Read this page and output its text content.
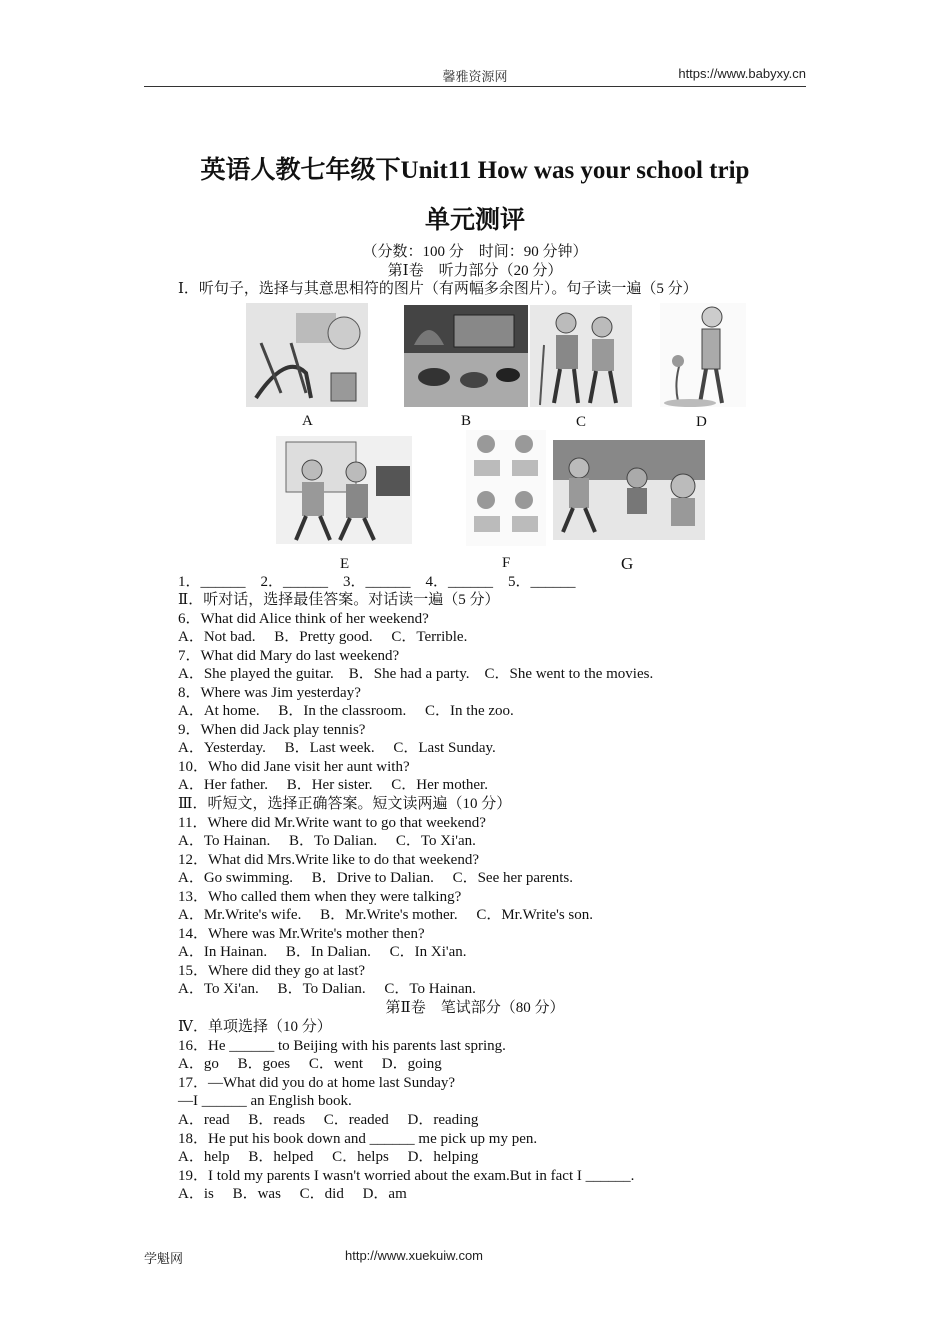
馨雅资源网	https://www.babyxy.cn
英语人教七年级下Unit11 How was your school trip
单元测评
（分数：100 分　时间：90 分钟）
第Ⅰ卷　听力部分（20 分）
Ⅰ．听句子，选择与其意思相符的图片（有两幅多余图片）。句子读一遍（5 分）
A	B	C	D
E	F	G
1．______　2．______　3．______　4．______　5．______
Ⅱ．听对话，选择最佳答案。对话读一遍（5 分）
6．What did Alice think of her weekend?
A．Not bad.　 B．Pretty good.　 C．Terrible.
7．What did Mary do last weekend?
A．She played the guitar.　B．She had a party.　C．She went to the movies.
8．Where was Jim yesterday?
A．At home.　 B．In the classroom.　 C．In the zoo.
9．When did Jack play tennis?
A．Yesterday.　 B．Last week.　 C．Last Sunday.
10．Who did Jane visit her aunt with?
A．Her father.　 B．Her sister.　 C．Her mother.
Ⅲ．听短文，选择正确答案。短文读两遍（10 分）
11．Where did Mr.Write want to go that weekend?
A．To Hainan.　 B．To Dalian.　 C．To Xi'an.
12．What did Mrs.Write like to do that weekend?
A．Go swimming.　 B．Drive to Dalian.　 C．See her parents.
13．Who called them when they were talking?
A．Mr.Write's wife.　 B．Mr.Write's mother.　 C．Mr.Write's son.
14．Where was Mr.Write's mother then?
A．In Hainan.　 B．In Dalian.　 C．In Xi'an.
15．Where did they go at last?
A．To Xi'an.　 B．To Dalian.　 C．To Hainan.
第Ⅱ卷　笔试部分（80 分）
Ⅳ．单项选择（10 分）
16．He ______ to Beijing with his parents last spring.
A．go　 B．goes　 C．went　 D．going
17．—What did you do at home last Sunday?
—I ______ an English book.
A．read　 B．reads　 C．readed　 D．reading
18．He put his book down and ______ me pick up my pen.
A．help　 B．helped　 C．helps　 D．helping
19．I told my parents I wasn't worried about the exam.But in fact I ______.
A．is　 B．was　 C．did　 D．am
学魁网	http://www.xuekuiw.com
